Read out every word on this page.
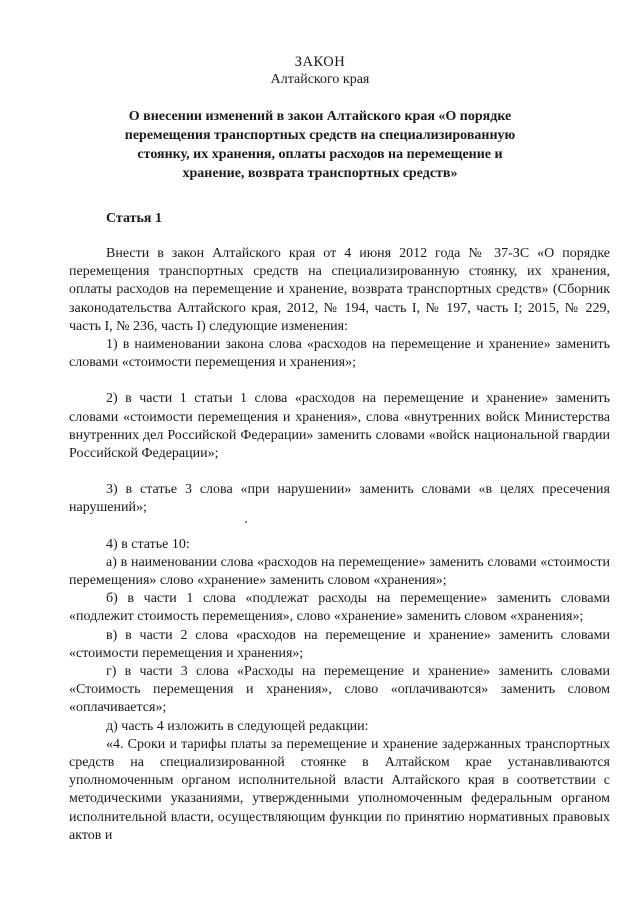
ЗАКОН
Алтайского края
О внесении изменений в закон Алтайского края «О порядке перемещения транспортных средств на специализированную стоянку, их хранения, оплаты расходов на перемещение и хранение, возврата транспортных средств»
Статья 1

Внести в закон Алтайского края от 4 июня 2012 года № 37-ЗС «О порядке перемещения транспортных средств на специализированную стоянку, их хранения, оплаты расходов на перемещение и хранение, возврата транспортных средств» (Сборник законодательства Алтайского края, 2012, № 194, часть I, № 197, часть I; 2015, № 229, часть I, № 236, часть I) следующие изменения:

1) в наименовании закона слова «расходов на перемещение и хранение» заменить словами «стоимости перемещения и хранения»;

2) в части 1 статьи 1 слова «расходов на перемещение и хранение» заменить словами «стоимости перемещения и хранения», слова «внутренних войск Министерства внутренних дел Российской Федерации» заменить словами «войск национальной гвардии Российской Федерации»;

3) в статье 3 слова «при нарушении» заменить словами «в целях пресечения нарушений»;

4) в статье 10:

а) в наименовании слова «расходов на перемещение» заменить словами «стоимости перемещения» слово «хранение» заменить словом «хранения»;

б) в части 1 слова «подлежат расходы на перемещение» заменить словами «подлежит стоимость перемещения», слово «хранение» заменить словом «хранения»;

в) в части 2 слова «расходов на перемещение и хранение» заменить словами «стоимости перемещения и хранения»;

г) в части 3 слова «Расходы на перемещение и хранение» заменить словами «Стоимость перемещения и хранения», слово «оплачиваются» заменить словом «оплачивается»;

д) часть 4 изложить в следующей редакции:

«4. Сроки и тарифы платы за перемещение и хранение задержанных транспортных средств на специализированной стоянке в Алтайском крае устанавливаются уполномоченным органом исполнительной власти Алтайского края в соответствии с методическими указаниями, утвержденными уполномоченным федеральным органом исполнительной власти, осуществляющим функции по принятию нормативных правовых актов и
